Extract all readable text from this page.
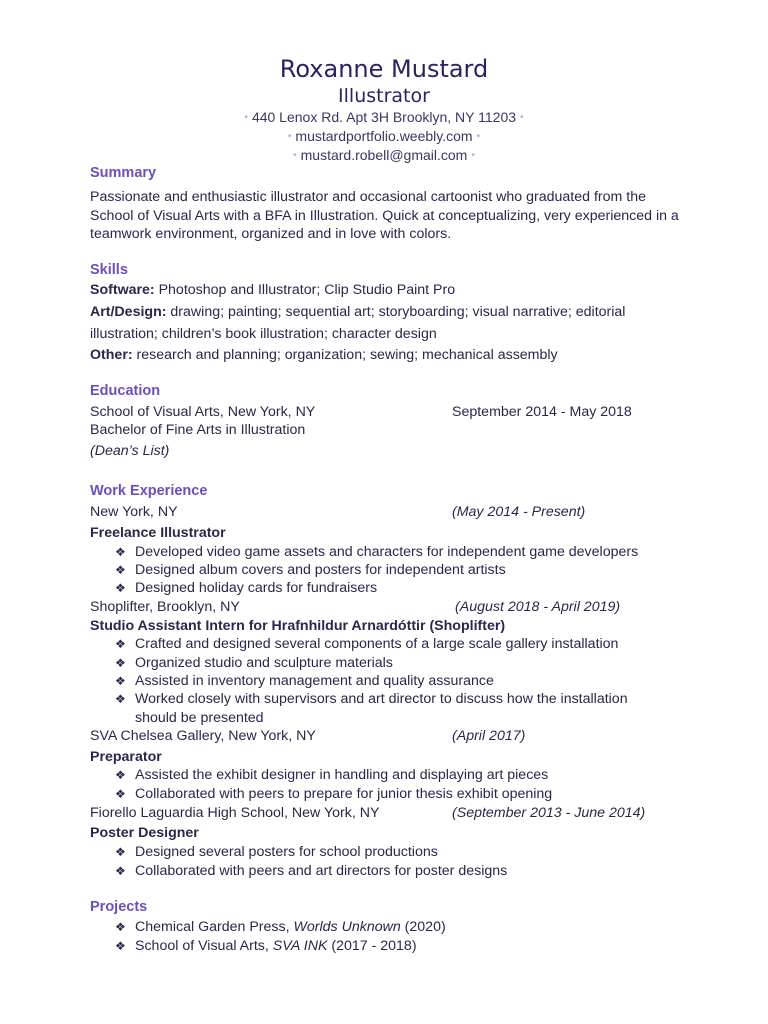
Roxanne Mustard
Illustrator
• 440 Lenox Rd. Apt 3H Brooklyn, NY 11203 •
• mustardportfolio.weebly.com •
• mustard.robell@gmail.com •
Summary
Passionate and enthusiastic illustrator and occasional cartoonist who graduated from the School of Visual Arts with a BFA in Illustration. Quick at conceptualizing, very experienced in a teamwork environment, organized and in love with colors.
Skills
Software: Photoshop and Illustrator; Clip Studio Paint Pro
Art/Design: drawing; painting; sequential art; storyboarding; visual narrative; editorial
illustration; children’s book illustration; character design
Other: research and planning; organization; sewing; mechanical assembly
Education
School of Visual Arts, New York, NY	September 2014 - May 2018
Bachelor of Fine Arts in Illustration
(Dean’s List)
Work Experience
New York, NY	(May 2014 - Present)
Freelance Illustrator
❖ Developed video game assets and characters for independent game developers
❖ Designed album covers and posters for independent artists
❖ Designed holiday cards for fundraisers
Shoplifter, Brooklyn, NY	(August 2018 - April 2019)
Studio Assistant Intern for Hrafnhildur Arnardóttir (Shoplifter)
❖ Crafted and designed several components of a large scale gallery installation
❖ Organized studio and sculpture materials
❖ Assisted in inventory management and quality assurance
❖ Worked closely with supervisors and art director to discuss how the installation
should be presented
SVA Chelsea Gallery, New York, NY	(April 2017)
Preparator
❖ Assisted the exhibit designer in handling and displaying art pieces
❖ Collaborated with peers to prepare for junior thesis exhibit opening
Fiorello Laguardia High School, New York, NY	(September 2013 - June 2014)
Poster Designer
❖ Designed several posters for school productions
❖ Collaborated with peers and art directors for poster designs
Projects
❖ Chemical Garden Press, Worlds Unknown (2020)
❖ School of Visual Arts, SVA INK (2017 - 2018)
